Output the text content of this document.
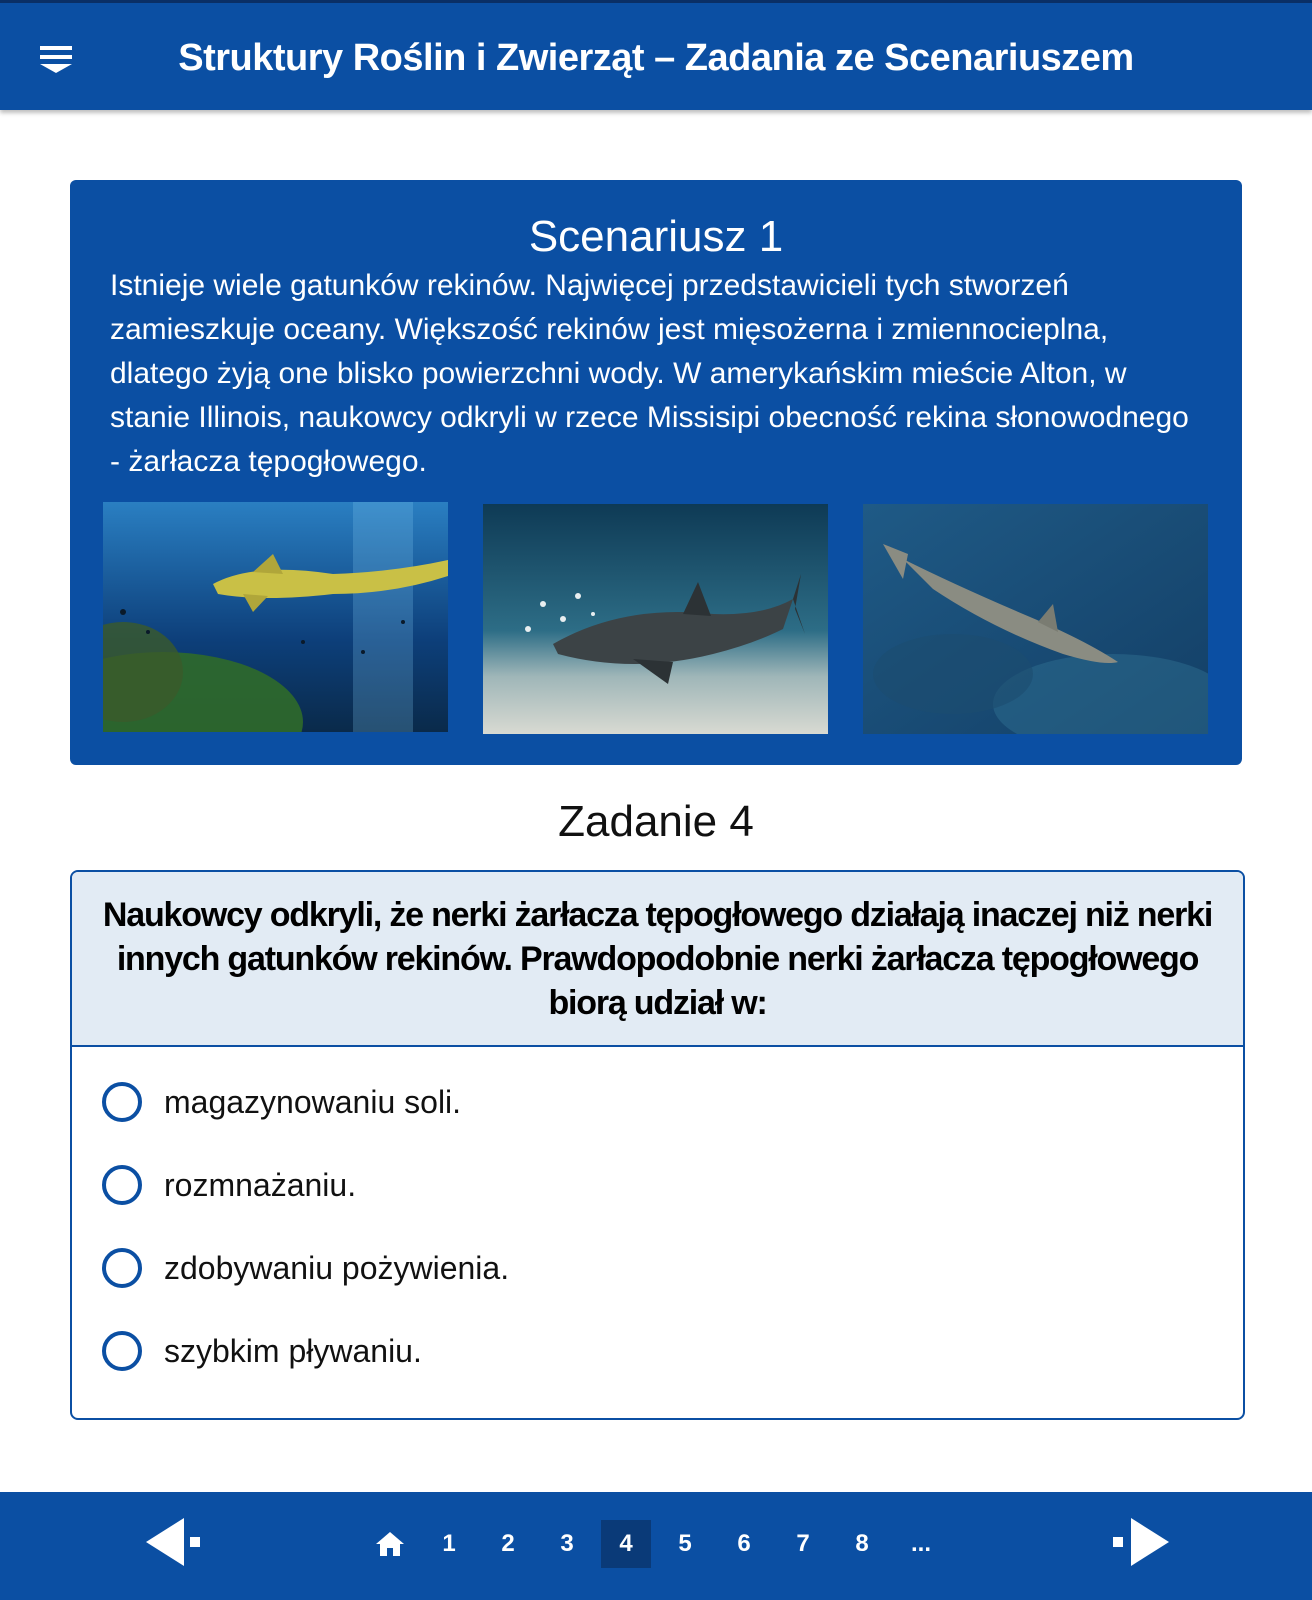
Struktury Roślin i Zwierząt – Zadania ze Scenariuszem
Scenariusz 1
Istnieje wiele gatunków rekinów. Najwięcej przedstawicieli tych stworzeń zamieszkuje oceany. Większość rekinów jest mięsożerna i zmiennocieplna, dlatego żyją one blisko powierzchni wody. W amerykańskim mieście Alton, w stanie Illinois, naukowcy odkryli w rzece Missisipi obecność rekina słonowodnego - żarłacza tępogłowego.
Zadanie 4
Naukowcy odkryli, że nerki żarłacza tępogłowego działają inaczej niż nerki innych gatunków rekinów. Prawdopodobnie nerki żarłacza tępogłowego biorą udział w:
magazynowaniu soli.
rozmnażaniu.
zdobywaniu pożywienia.
szybkim pływaniu.
1	2	3	4	5	6	7	8	...
